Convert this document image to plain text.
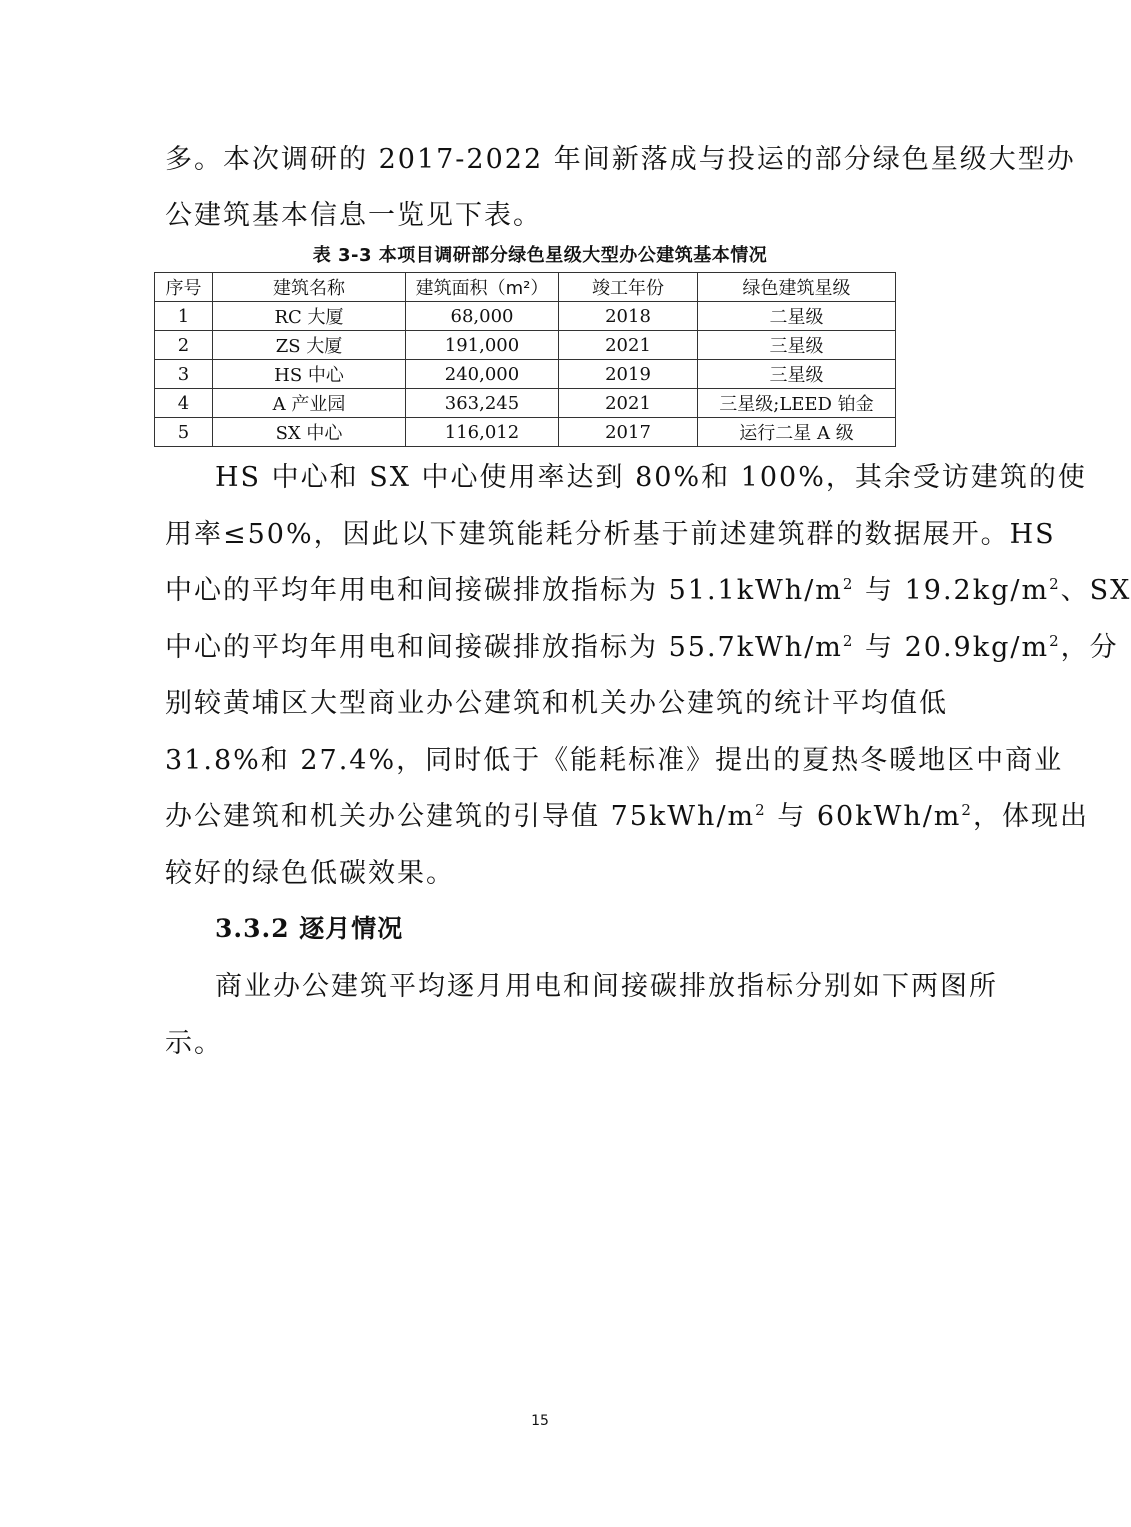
多。本次调研的 2017-2022 年间新落成与投运的部分绿色星级大型办
公建筑基本信息一览见下表。
表 3-3 本项目调研部分绿色星级大型办公建筑基本情况
序号	建筑名称	建筑面积（m²）	竣工年份	绿色建筑星级
1	RC 大厦	68,000	2018	二星级
2	ZS 大厦	191,000	2021	三星级
3	HS 中心	240,000	2019	三星级
4	A 产业园	363,245	2021	三星级;LEED 铂金
5	SX 中心	116,012	2017	运行二星 A 级
HS 中心和 SX 中心使用率达到 80%和 100%，其余受访建筑的使
用率≤50%，因此以下建筑能耗分析基于前述建筑群的数据展开。HS
中心的平均年用电和间接碳排放指标为 $51.1kWh/m^2$ 与 $19.2kg/m^2$、SX
中心的平均年用电和间接碳排放指标为 $55.7kWh/m^2$ 与 $20.9kg/m^2$，分
别较黄埔区大型商业办公建筑和机关办公建筑的统计平均值低
31.8%和 27.4%，同时低于《能耗标准》提出的夏热冬暖地区中商业
办公建筑和机关办公建筑的引导值 $75kWh/m^2$ 与 $60kWh/m^2$，体现出
较好的绿色低碳效果。
3.3.2 逐月情况
商业办公建筑平均逐月用电和间接碳排放指标分别如下两图所
示。
15
